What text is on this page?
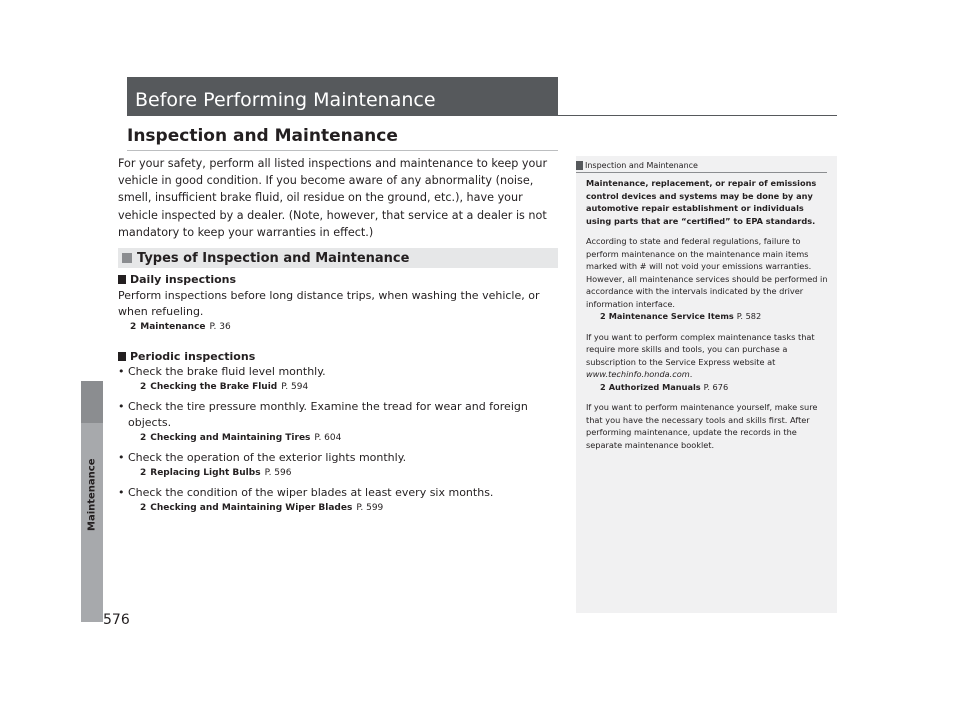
Maintenance
576
Before Performing Maintenance
Inspection and Maintenance

For your safety, perform all listed inspections and maintenance to keep your vehicle in good condition. If you become aware of any abnormality (noise, smell, insufficient brake fluid, oil residue on the ground, etc.), have your vehicle inspected by a dealer. (Note, however, that service at a dealer is not mandatory to keep your warranties in effect.)

Types of Inspection and Maintenance
Daily inspections

Perform inspections before long distance trips, when washing the vehicle, or when refueling.

2 Maintenance P. 36
Periodic inspections
• Check the brake fluid level monthly.
2 Checking the Brake Fluid P. 594
• Check the tire pressure monthly. Examine the tread for wear and foreign objects.
2 Checking and Maintaining Tires P. 604
• Check the operation of the exterior lights monthly.
2 Replacing Light Bulbs P. 596
• Check the condition of the wiper blades at least every six months.
2 Checking and Maintaining Wiper Blades P. 599
Inspection and Maintenance

Maintenance, replacement, or repair of emissions control devices and systems may be done by any automotive repair establishment or individuals using parts that are “certified” to EPA standards.

According to state and federal regulations, failure to perform maintenance on the maintenance main items marked with # will not void your emissions warranties. However, all maintenance services should be performed in accordance with the intervals indicated by the driver information interface.

2 Maintenance Service Items P. 582

If you want to perform complex maintenance tasks that require more skills and tools, you can purchase a subscription to the Service Express website at www.techinfo.honda.com.

2 Authorized Manuals P. 676

If you want to perform maintenance yourself, make sure that you have the necessary tools and skills first. After performing maintenance, update the records in the separate maintenance booklet.
